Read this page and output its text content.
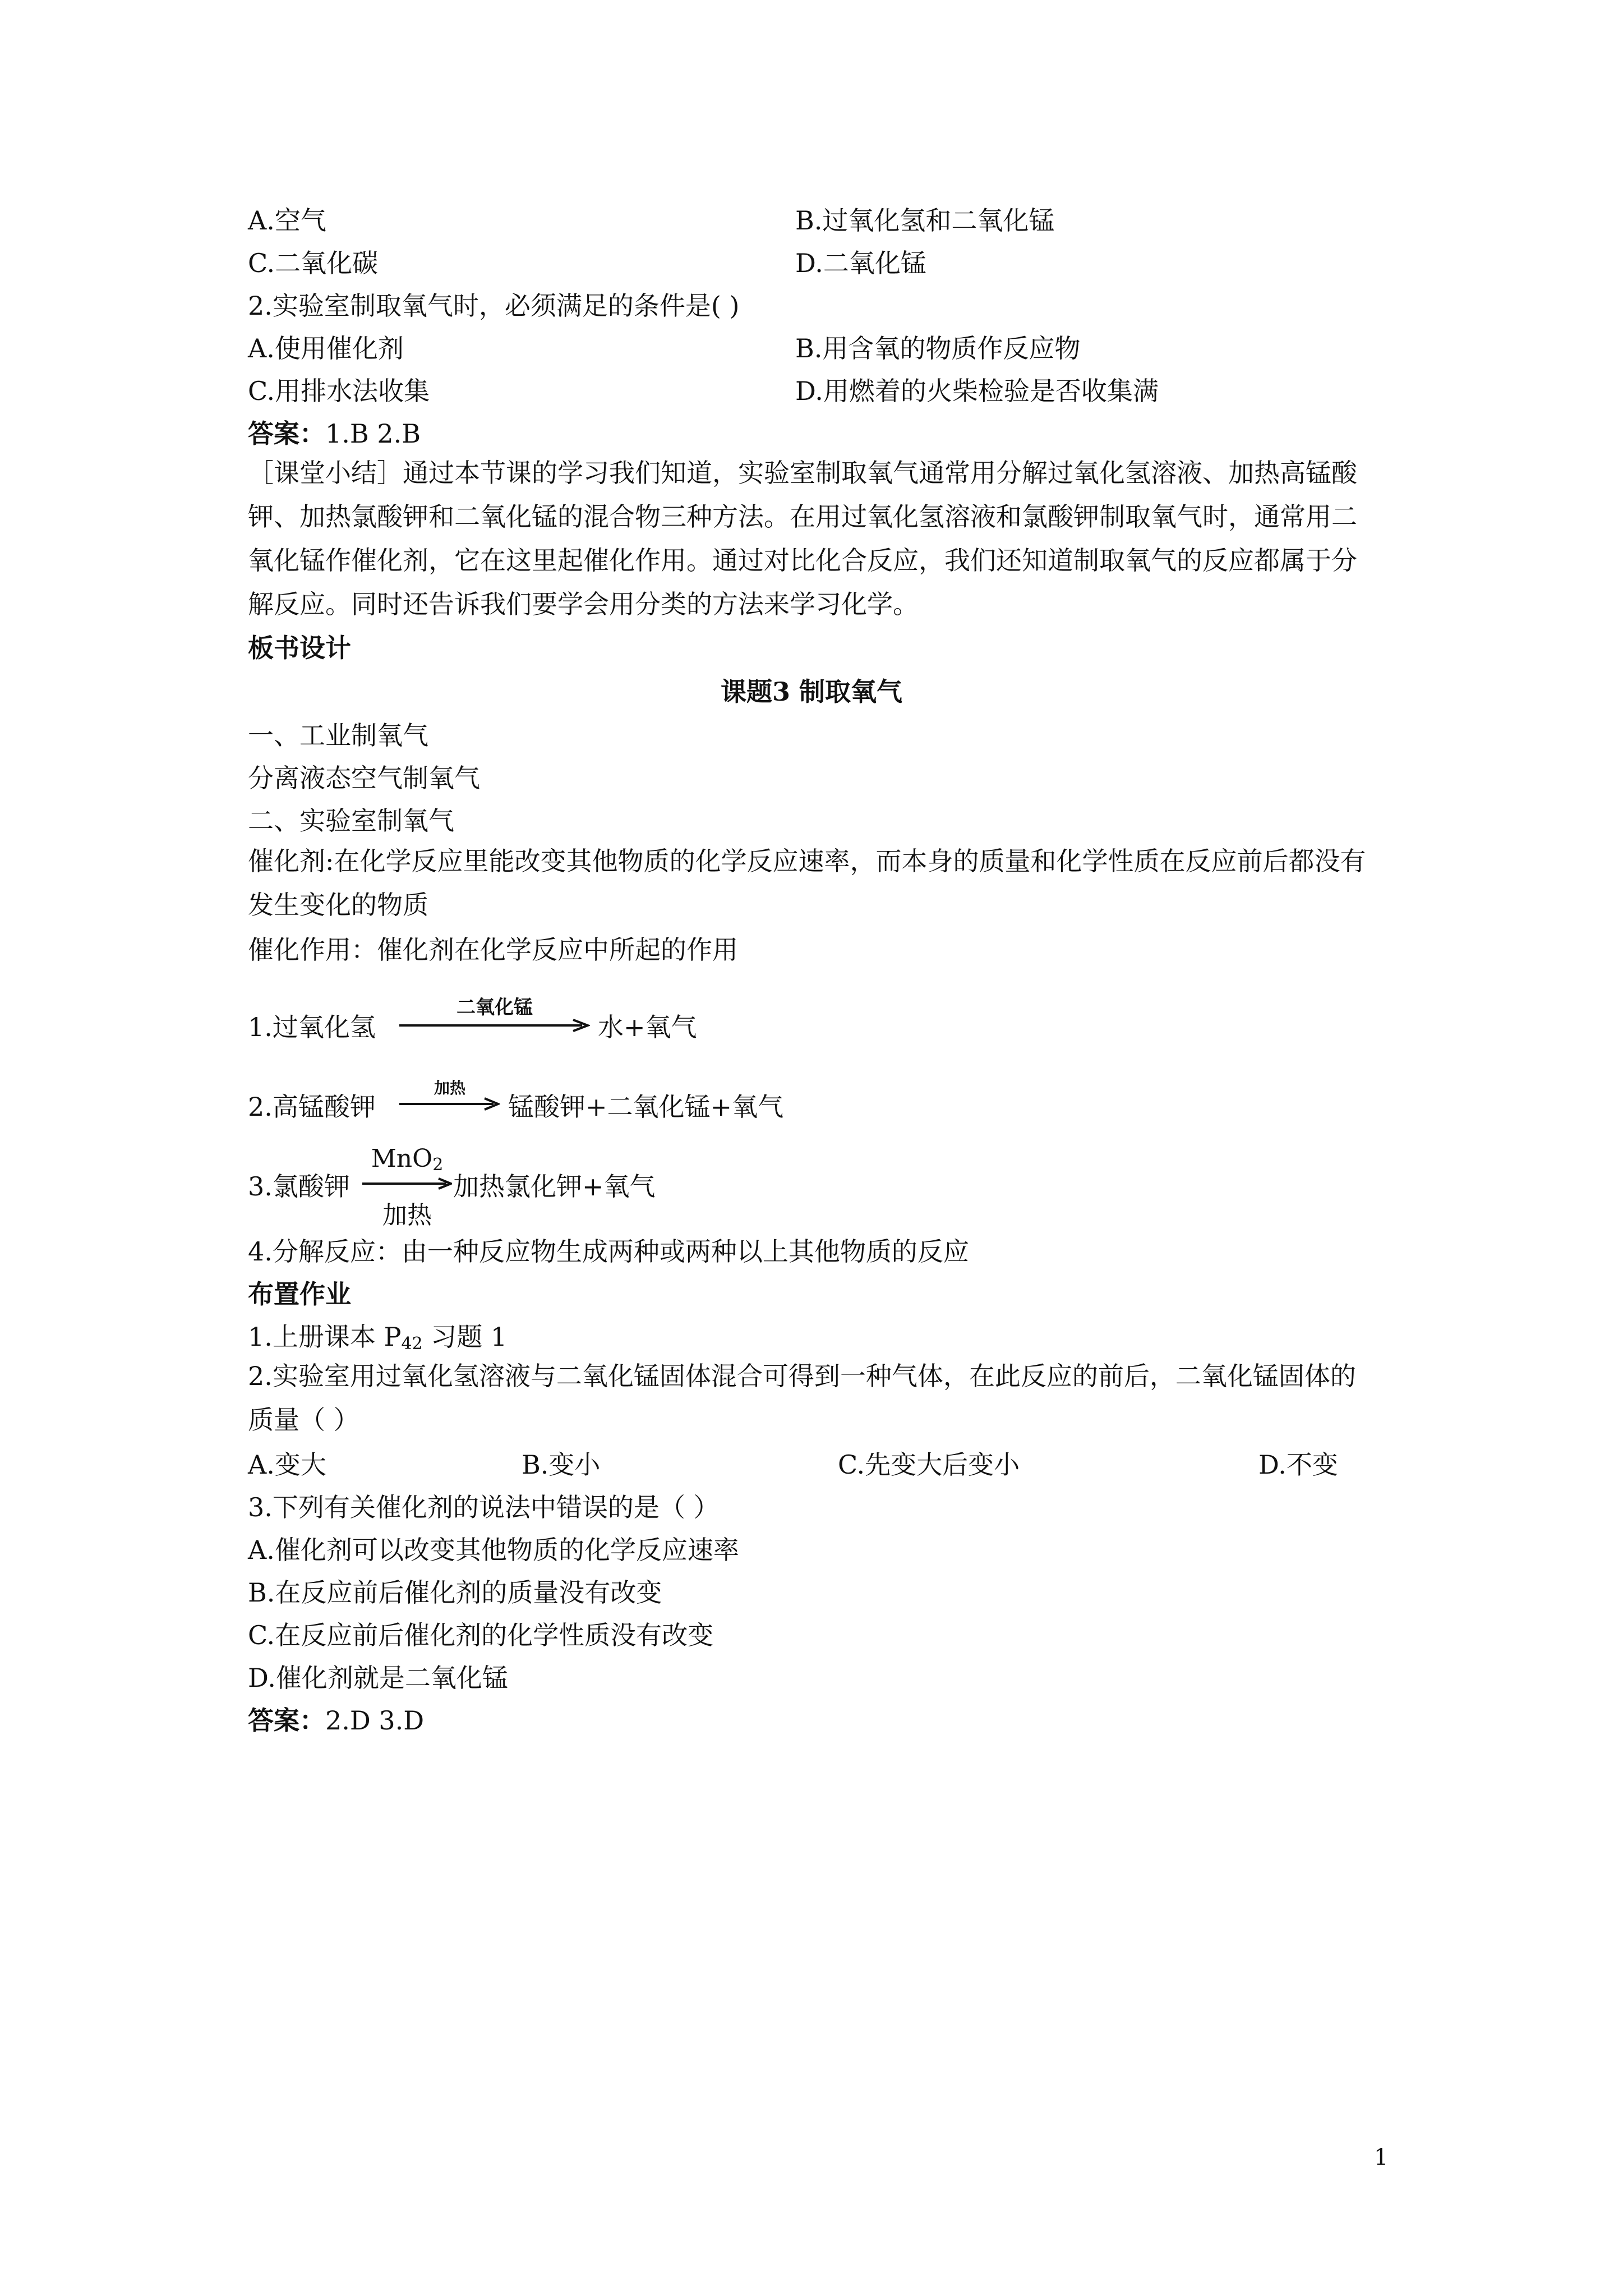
A.空气	B.过氧化氢和二氧化锰
C.二氧化碳	D.二氧化锰
2.实验室制取氧气时，必须满足的条件是( )
A.使用催化剂	B.用含氧的物质作反应物
C.用排水法收集	D.用燃着的火柴检验是否收集满
答案：1.B 2.B
［课堂小结］通过本节课的学习我们知道，实验室制取氧气通常用分解过氧化氢溶液、加热高锰酸钾、加热氯酸钾和二氧化锰的混合物三种方法。在用过氧化氢溶液和氯酸钾制取氧气时，通常用二氧化锰作催化剂，它在这里起催化作用。通过对比化合反应，我们还知道制取氧气的反应都属于分解反应。同时还告诉我们要学会用分类的方法来学习化学。
板书设计
课题3 制取氧气
一、工业制氧气
分离液态空气制氧气
二、实验室制氧气
催化剂:在化学反应里能改变其他物质的化学反应速率，而本身的质量和化学性质在反应前后都没有发生变化的物质
催化作用：催化剂在化学反应中所起的作用
1.过氧化氢
二氧化锰
水+氧气
2.高锰酸钾
加热
锰酸钾+二氧化锰+氧气
3.氯酸钾
MnO$_2$
加热
加热氯化钾+氧气
4.分解反应：由一种反应物生成两种或两种以上其他物质的反应
布置作业
1.上册课本 $P_{42}$ 习题 1
2.实验室用过氧化氢溶液与二氧化锰固体混合可得到一种气体，在此反应的前后，二氧化锰固体的质量（ ）
A.变大	B.变小	C.先变大后变小	D.不变
3.下列有关催化剂的说法中错误的是（ ）
A.催化剂可以改变其他物质的化学反应速率
B.在反应前后催化剂的质量没有改变
C.在反应前后催化剂的化学性质没有改变
D.催化剂就是二氧化锰
答案：2.D 3.D
1
